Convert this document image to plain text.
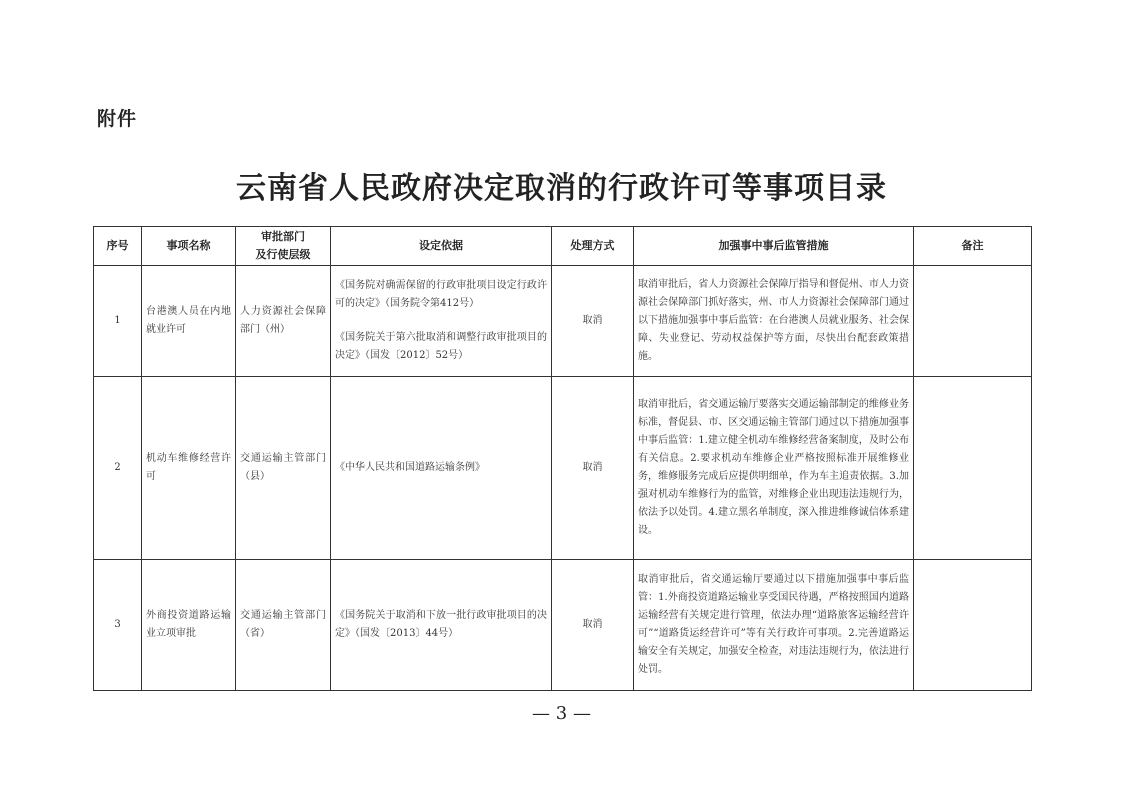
附件
云南省人民政府决定取消的行政许可等事项目录
序号	事项名称	审批部门
及行使层级	设定依据	处理方式	加强事中事后监管措施	备注
1	台港澳人员在内地就业许可	人力资源社会保障部门（州）	《国务院对确需保留的行政审批项目设定行政许可的决定》（国务院令第412号）
《国务院关于第六批取消和调整行政审批项目的决定》（国发〔2012〕52号）	取消	取消审批后，省人力资源社会保障厅指导和督促州、市人力资源社会保障部门抓好落实，州、市人力资源社会保障部门通过以下措施加强事中事后监管：在台港澳人员就业服务、社会保障、失业登记、劳动权益保护等方面，尽快出台配套政策措施。	
2	机动车维修经营许可	交通运输主管部门（县）	《中华人民共和国道路运输条例》	取消	取消审批后，省交通运输厅要落实交通运输部制定的维修业务标准，督促县、市、区交通运输主管部门通过以下措施加强事中事后监管：1.建立健全机动车维修经营备案制度，及时公布有关信息。2.要求机动车维修企业严格按照标准开展维修业务，维修服务完成后应提供明细单，作为车主追责依据。3.加强对机动车维修行为的监管，对维修企业出现违法违规行为，依法予以处罚。4.建立黑名单制度，深入推进维修诚信体系建设。	
3	外商投资道路运输业立项审批	交通运输主管部门（省）	《国务院关于取消和下放一批行政审批项目的决定》（国发〔2013〕44号）	取消	取消审批后，省交通运输厅要通过以下措施加强事中事后监管：1.外商投资道路运输业享受国民待遇，严格按照国内道路运输经营有关规定进行管理，依法办理“道路旅客运输经营许可”“道路货运经营许可”等有关行政许可事项。2.完善道路运输安全有关规定，加强安全检查，对违法违规行为，依法进行处罚。	
— 3 —
